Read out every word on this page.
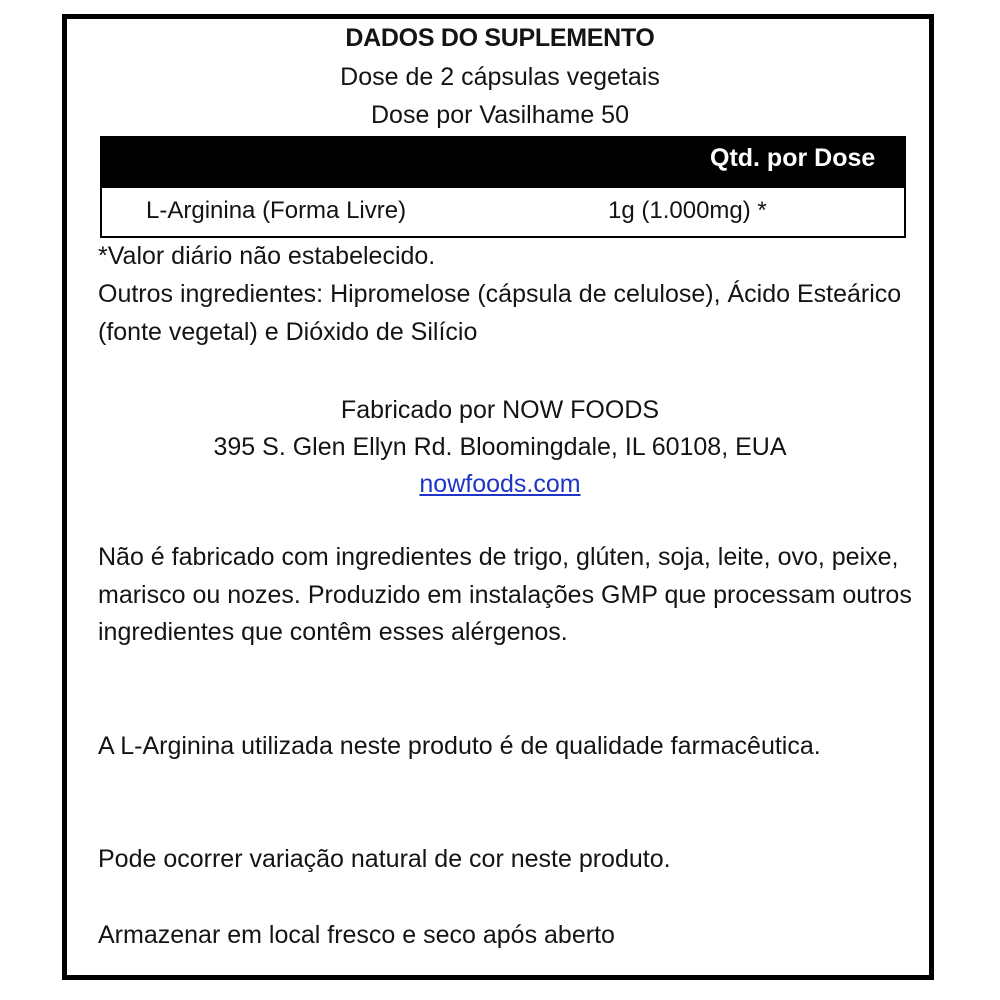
DADOS DO SUPLEMENTO
Dose de 2 cápsulas vegetais
Dose por Vasilhame 50
Qtd. por Dose
L-Arginina (Forma Livre)	1g (1.000mg) *
*Valor diário não estabelecido.
Outros ingredientes: Hipromelose (cápsula de celulose), Ácido Esteárico (fonte vegetal) e Dióxido de Silício
Fabricado por NOW FOODS
395 S. Glen Ellyn Rd. Bloomingdale, IL 60108, EUA
nowfoods.com
Não é fabricado com ingredientes de trigo, glúten, soja, leite, ovo, peixe, marisco ou nozes. Produzido em instalações GMP que processam outros ingredientes que contêm esses alérgenos.
A L-Arginina utilizada neste produto é de qualidade farmacêutica.
Pode ocorrer variação natural de cor neste produto.
Armazenar em local fresco e seco após aberto
